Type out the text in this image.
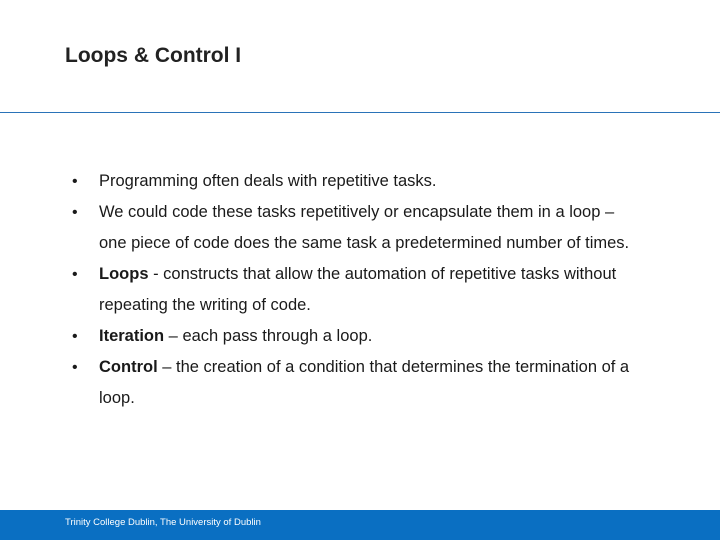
Loops & Control I
• Programming often deals with repetitive tasks.
• We could code these tasks repetitively or encapsulate them in a loop – one piece of code does the same task a predetermined number of times.
• Loops - constructs that allow the automation of repetitive tasks without repeating the writing of code.
• Iteration – each pass through a loop.
• Control – the creation of a condition that determines the termination of a loop.
Trinity College Dublin, The University of Dublin
